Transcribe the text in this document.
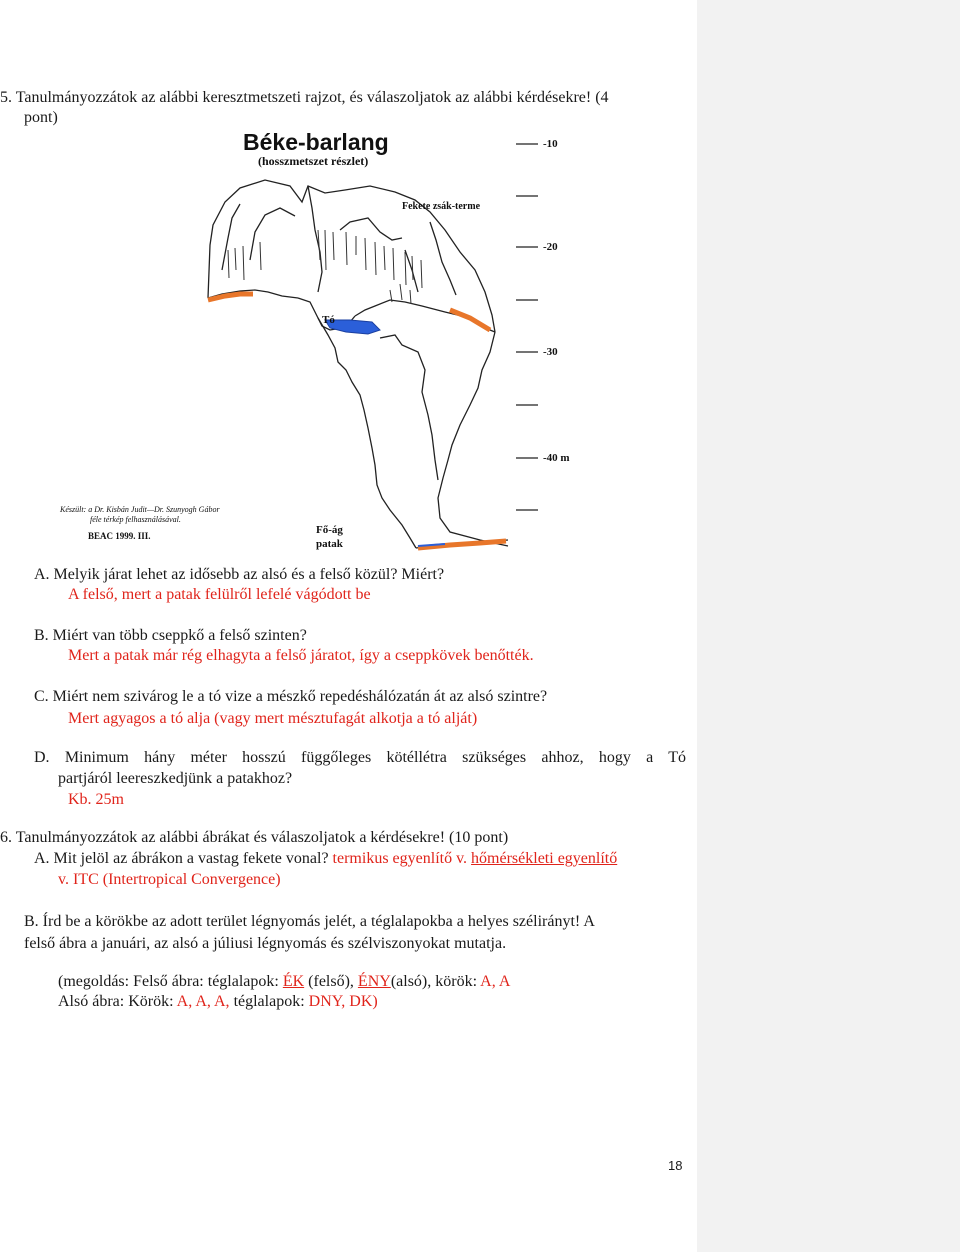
5. Tanulmányozzátok az alábbi keresztmetszeti rajzot, és válaszoljatok az alábbi kérdésekre! (4
pont)
Béke-barlang
(hosszmetszet részlet)
Fekete zsák-terme
Tó
Fő-ág
patak
-10
-20
-30
-40 m
Készült: a Dr. Kisbán Judit—Dr. Szunyogh Gábor
féle térkép felhasználásával.
BEAC 1999. III.
A. Melyik járat lehet az idősebb az alsó és a felső közül? Miért?
A felső, mert a patak felülről lefelé vágódott be
B. Miért van több cseppkő a felső szinten?
Mert a patak már rég elhagyta a felső járatot, így a cseppkövek benőtték.
C. Miért nem szivárog le a tó vize a mészkő repedéshálózatán át az alsó szintre?
Mert agyagos a tó alja (vagy mert mésztufagát alkotja a tó alját)
D. Minimum hány méter hosszú függőleges kötéllétra szükséges ahhoz, hogy a Tó
partjáról leereszkedjünk a patakhoz?
Kb. 25m
6. Tanulmányozzátok az alábbi ábrákat és válaszoljatok a kérdésekre! (10 pont)
A. Mit jelöl az ábrákon a vastag fekete vonal? termikus egyenlítő v. hőmérsékleti egyenlítő
v. ITC (Intertropical Convergence)
B. Írd be a körökbe az adott terület légnyomás jelét, a téglalapokba a helyes szélirányt! A
felső ábra a januári, az alsó a júliusi légnyomás és szélviszonyokat mutatja.
(megoldás: Felső ábra: téglalapok: ÉK (felső), ÉNY(alsó), körök: A, A
Alsó ábra: Körök: A, A, A, téglalapok: DNY, DK)
18
